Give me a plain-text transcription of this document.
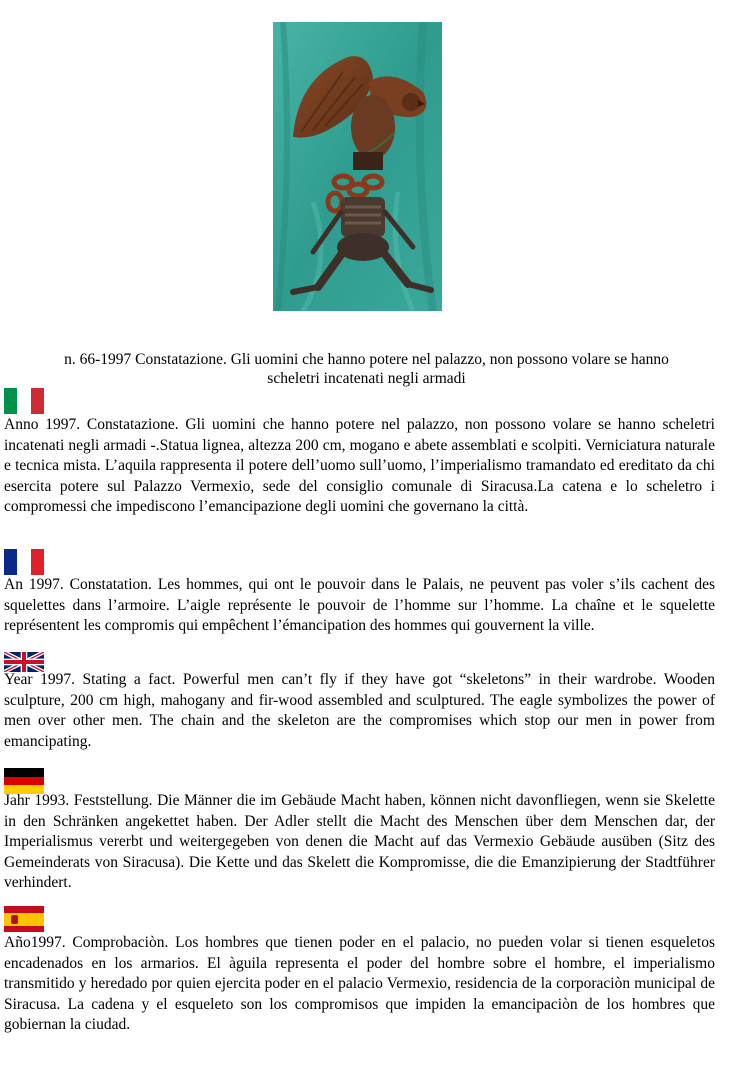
n. 66-1997 Constatazione. Gli uomini che hanno potere nel palazzo, non possono volare se hanno
scheletri incatenati negli armadi

Anno 1997. Constatazione. Gli uomini che hanno potere nel palazzo, non possono volare se hanno scheletri incatenati negli armadi -.Statua lignea, altezza 200 cm, mogano e abete assemblati e scolpiti. Verniciatura naturale e tecnica mista. L’aquila rappresenta il potere dell’uomo sull’uomo, l’imperialismo tramandato ed ereditato da chi esercita potere sul Palazzo Vermexio, sede del consiglio comunale di Siracusa.La catena e lo scheletro i compromessi che impediscono l’emancipazione degli uomini che governano la città.

An 1997. Constatation. Les hommes, qui ont le pouvoir dans le Palais, ne peuvent pas voler s’ils cachent des squelettes dans l’armoire. L’aigle représente le pouvoir de l’homme sur l’homme. La chaîne et le squelette représentent les compromis qui empêchent l’émancipation des hommes qui gouvernent la ville.

Year 1997. Stating a fact. Powerful men can’t fly if they have got “skeletons” in their wardrobe. Wooden sculpture, 200 cm high, mahogany and fir-wood assembled and sculptured. The eagle symbolizes the power of men over other men. The chain and the skeleton are the compromises which stop our men in power from emancipating.

Jahr 1993. Feststellung. Die Männer die im Gebäude Macht haben, können nicht davonfliegen, wenn sie Skelette in den Schränken angekettet haben. Der Adler stellt die Macht des Menschen über dem Menschen dar, der Imperialismus vererbt und weitergegeben von denen die Macht auf das Vermexio Gebäude ausüben (Sitz des Gemeinderats von Siracusa). Die Kette und das Skelett die Kompromisse, die die Emanzipierung der Stadtführer verhindert.

Año1997. Comprobaciòn. Los hombres que tienen poder en el palacio, no pueden volar si tienen esqueletos encadenados en los armarios. El àguila representa el poder del hombre sobre el hombre, el imperialismo transmitido y heredado por quien ejercita poder en el palacio Vermexio, residencia de la corporaciòn municipal de Siracusa. La cadena y el esqueleto son los compromisos que impiden la emancipaciòn de los hombres que gobiernan la ciudad.
